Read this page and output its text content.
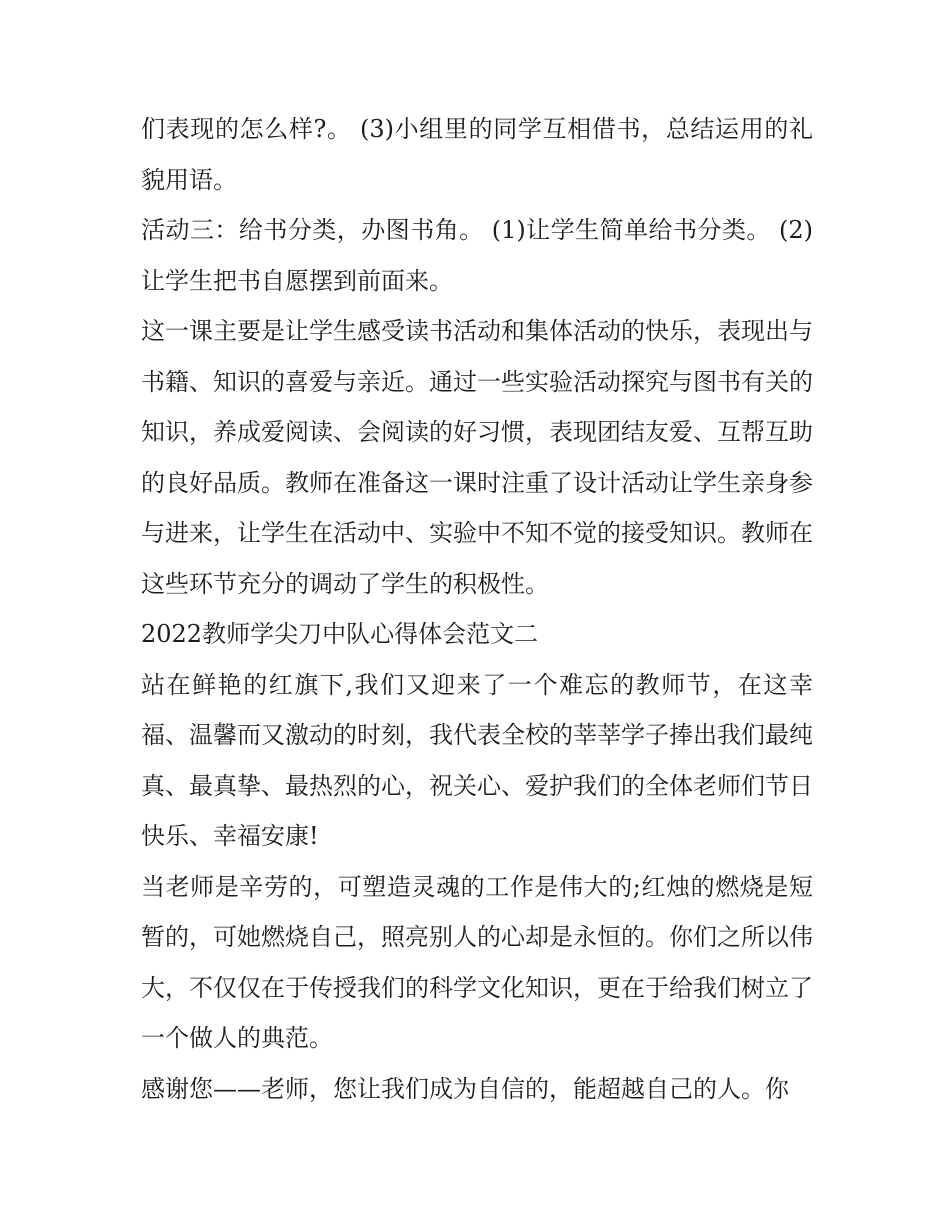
们表现的怎么样?。 (3)小组里的同学互相借书，总结运用的礼貌用语。

活动三：给书分类，办图书角。 (1)让学生简单给书分类。 (2)让学生把书自愿摆到前面来。

这一课主要是让学生感受读书活动和集体活动的快乐，表现出与书籍、知识的喜爱与亲近。通过一些实验活动探究与图书有关的知识，养成爱阅读、会阅读的好习惯，表现团结友爱、互帮互助的良好品质。教师在准备这一课时注重了设计活动让学生亲身参与进来，让学生在活动中、实验中不知不觉的接受知识。教师在这些环节充分的调动了学生的积极性。

2022教师学尖刀中队心得体会范文二

站在鲜艳的红旗下,我们又迎来了一个难忘的教师节，在这幸福、温馨而又激动的时刻，我代表全校的莘莘学子捧出我们最纯真、最真挚、最热烈的心，祝关心、爱护我们的全体老师们节日快乐、幸福安康!

当老师是辛劳的，可塑造灵魂的工作是伟大的;红烛的燃烧是短暂的，可她燃烧自己，照亮别人的心却是永恒的。你们之所以伟大，不仅仅在于传授我们的科学文化知识，更在于给我们树立了一个做人的典范。

感谢您——老师，您让我们成为自信的，能超越自己的人。你
